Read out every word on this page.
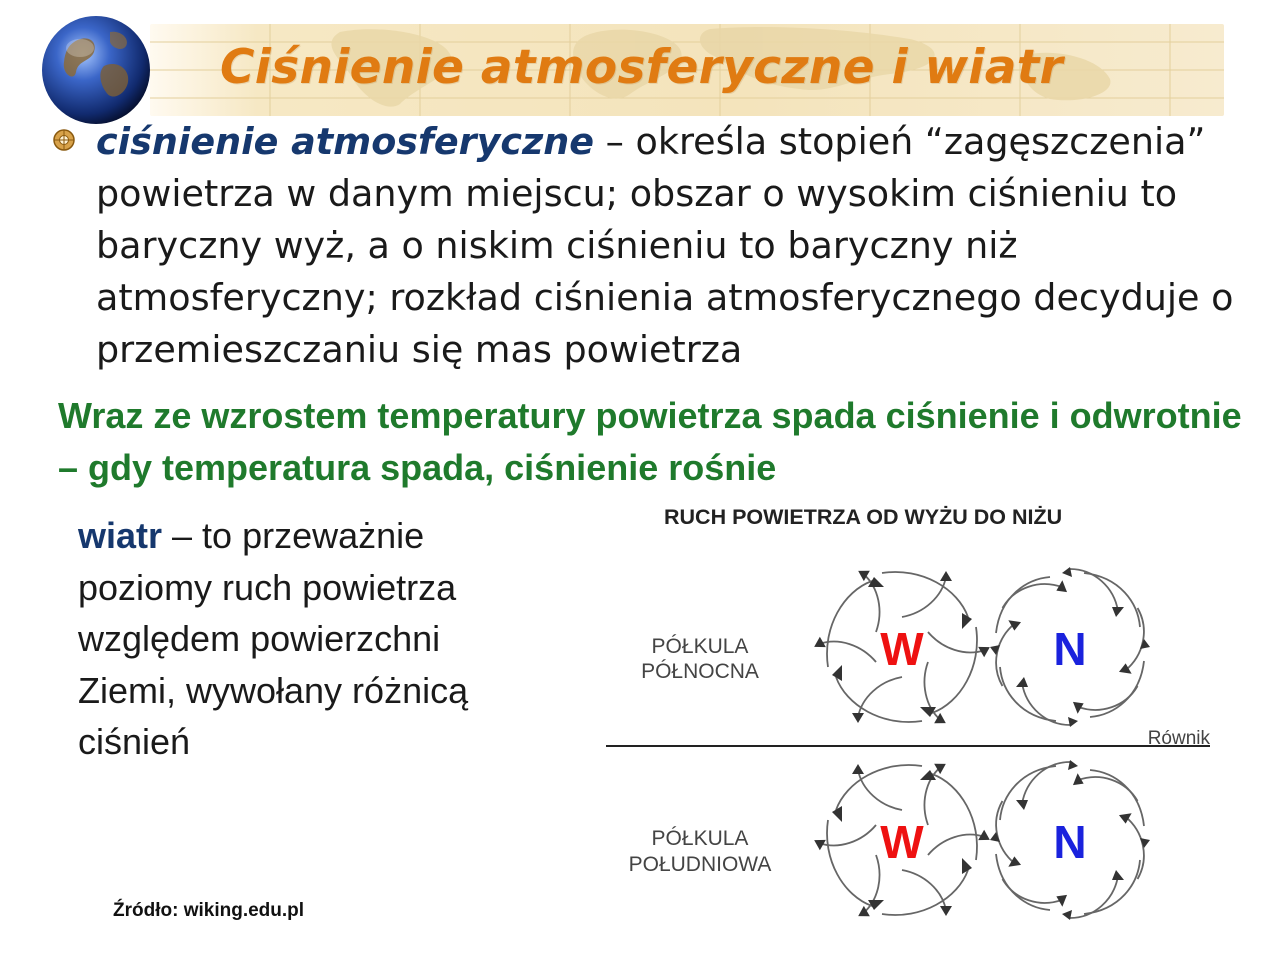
Ciśnienie atmosferyczne i wiatr

ciśnienie atmosferyczne – określa stopień “zagęszczenia” powietrza w danym miejscu; obszar o wysokim ciśnieniu to baryczny wyż, a o niskim ciśnieniu to baryczny niż atmosferyczny; rozkład ciśnienia atmosferycznego decyduje o przemieszczaniu się mas powietrza

Wraz ze wzrostem temperatury powietrza spada ciśnienie i odwrotnie – gdy temperatura spada, ciśnienie rośnie

wiatr – to przeważnie poziomy ruch powietrza względem powierzchni Ziemi, wywołany różnicą ciśnień

Źródło: wiking.edu.pl

RUCH POWIETRZA OD WYŻU DO NIŻU
PÓŁKULA
PÓŁNOCNA	W	N
Równik
PÓŁKULA
POŁUDNIOWA W	N
